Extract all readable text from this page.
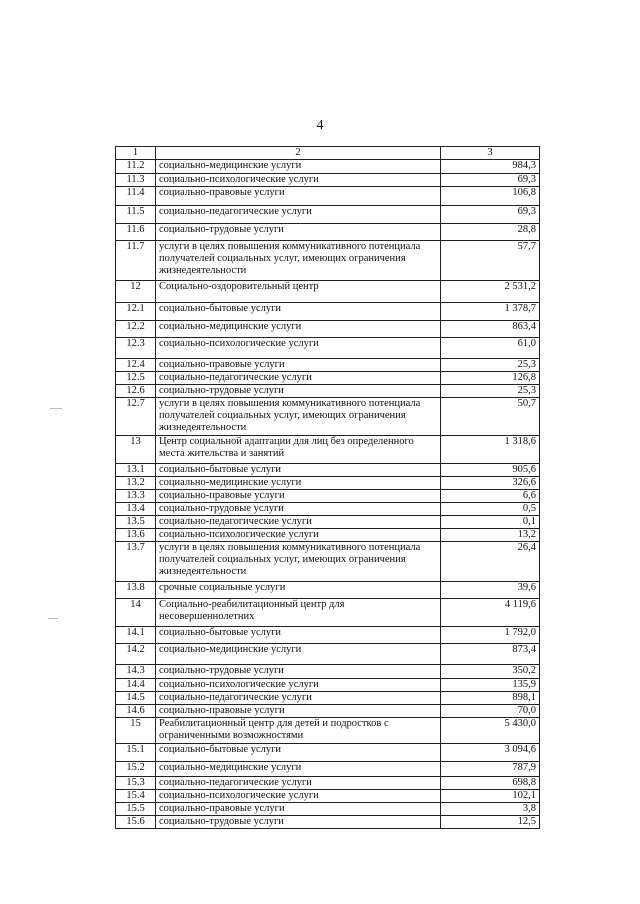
4
1	2	3
11.2	социально-медицинские услуги	984,3
11.3	социально-психологические услуги	69,3
11.4	социально-правовые услуги	106,8
11.5	социально-педагогические услуги	69,3
11.6	социально-трудовые услуги	28,8
11.7	услуги в целях повышения коммуникативного потенциала получателей социальных услуг, имеющих ограничения жизнедеятельности	57,7
12	Социально-оздоровительный центр	2 531,2
12.1	социально-бытовые услуги	1 378,7
12.2	социально-медицинские услуги	863,4
12.3	социально-психологические услуги	61,0
12.4	социально-правовые услуги	25,3
12.5	социально-педагогические услуги	126,8
12.6	социально-трудовые услуги	25,3
12.7	услуги в целях повышения коммуникативного потенциала получателей социальных услуг, имеющих ограничения жизнедеятельности	50,7
13	Центр социальной адаптации для лиц без определенного места жительства и занятий	1 318,6
13.1	социально-бытовые услуги	905,6
13.2	социально-медицинские услуги	326,6
13.3	социально-правовые услуги	6,6
13.4	социально-трудовые услуги	0,5
13.5	социально-педагогические услуги	0,1
13.6	социально-психологические услуги	13,2
13.7	услуги в целях повышения коммуникативного потенциала получателей социальных услуг, имеющих ограничения жизнедеятельности	26,4
13.8	срочные социальные услуги	39,6
14	Социально-реабилитационный центр для несовершеннолетних	4 119,6
14.1	социально-бытовые услуги	1 792,0
14.2	социально-медицинские услуги	873,4
14.3	социально-трудовые услуги	350,2
14.4	социально-психологические услуги	135,9
14.5	социально-педагогические услуги	898,1
14.6	социально-правовые услуги	70,0
15	Реабилитационный центр для детей и подростков с ограниченными возможностями	5 430,0
15.1	социально-бытовые услуги	3 094,6
15.2	социально-медицинские услуги	787,9
15.3	социально-педагогические услуги	698,8
15.4	социально-психологические услуги	102,1
15.5	социально-правовые услуги	3,8
15.6	социально-трудовые услуги	12,5
